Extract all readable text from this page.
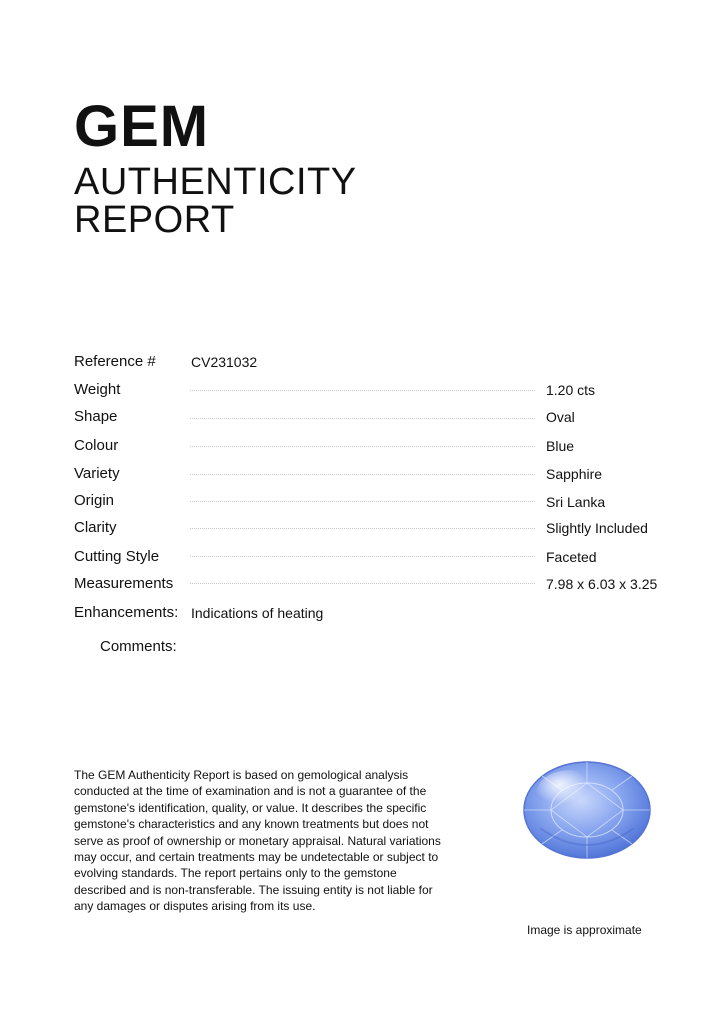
GEM
AUTHENTICITY
REPORT
Reference #	CV231032
Weight	1.20 cts
Shape	Oval
Colour	Blue
Variety	Sapphire
Origin	Sri Lanka
Clarity	Slightly Included
Cutting Style	Faceted
Measurements	7.98 x 6.03 x 3.25
Enhancements: Indications of heating
Comments:
The GEM Authenticity Report is based on gemological analysis conducted at the time of examination and is not a guarantee of the gemstone's identification, quality, or value. It describes the specific gemstone's characteristics and any known treatments but does not serve as proof of ownership or monetary appraisal. Natural variations may occur, and certain treatments may be undetectable or subject to evolving standards. The report pertains only to the gemstone described and is non-transferable. The issuing entity is not liable for any damages or disputes arising from its use.
Image is approximate
